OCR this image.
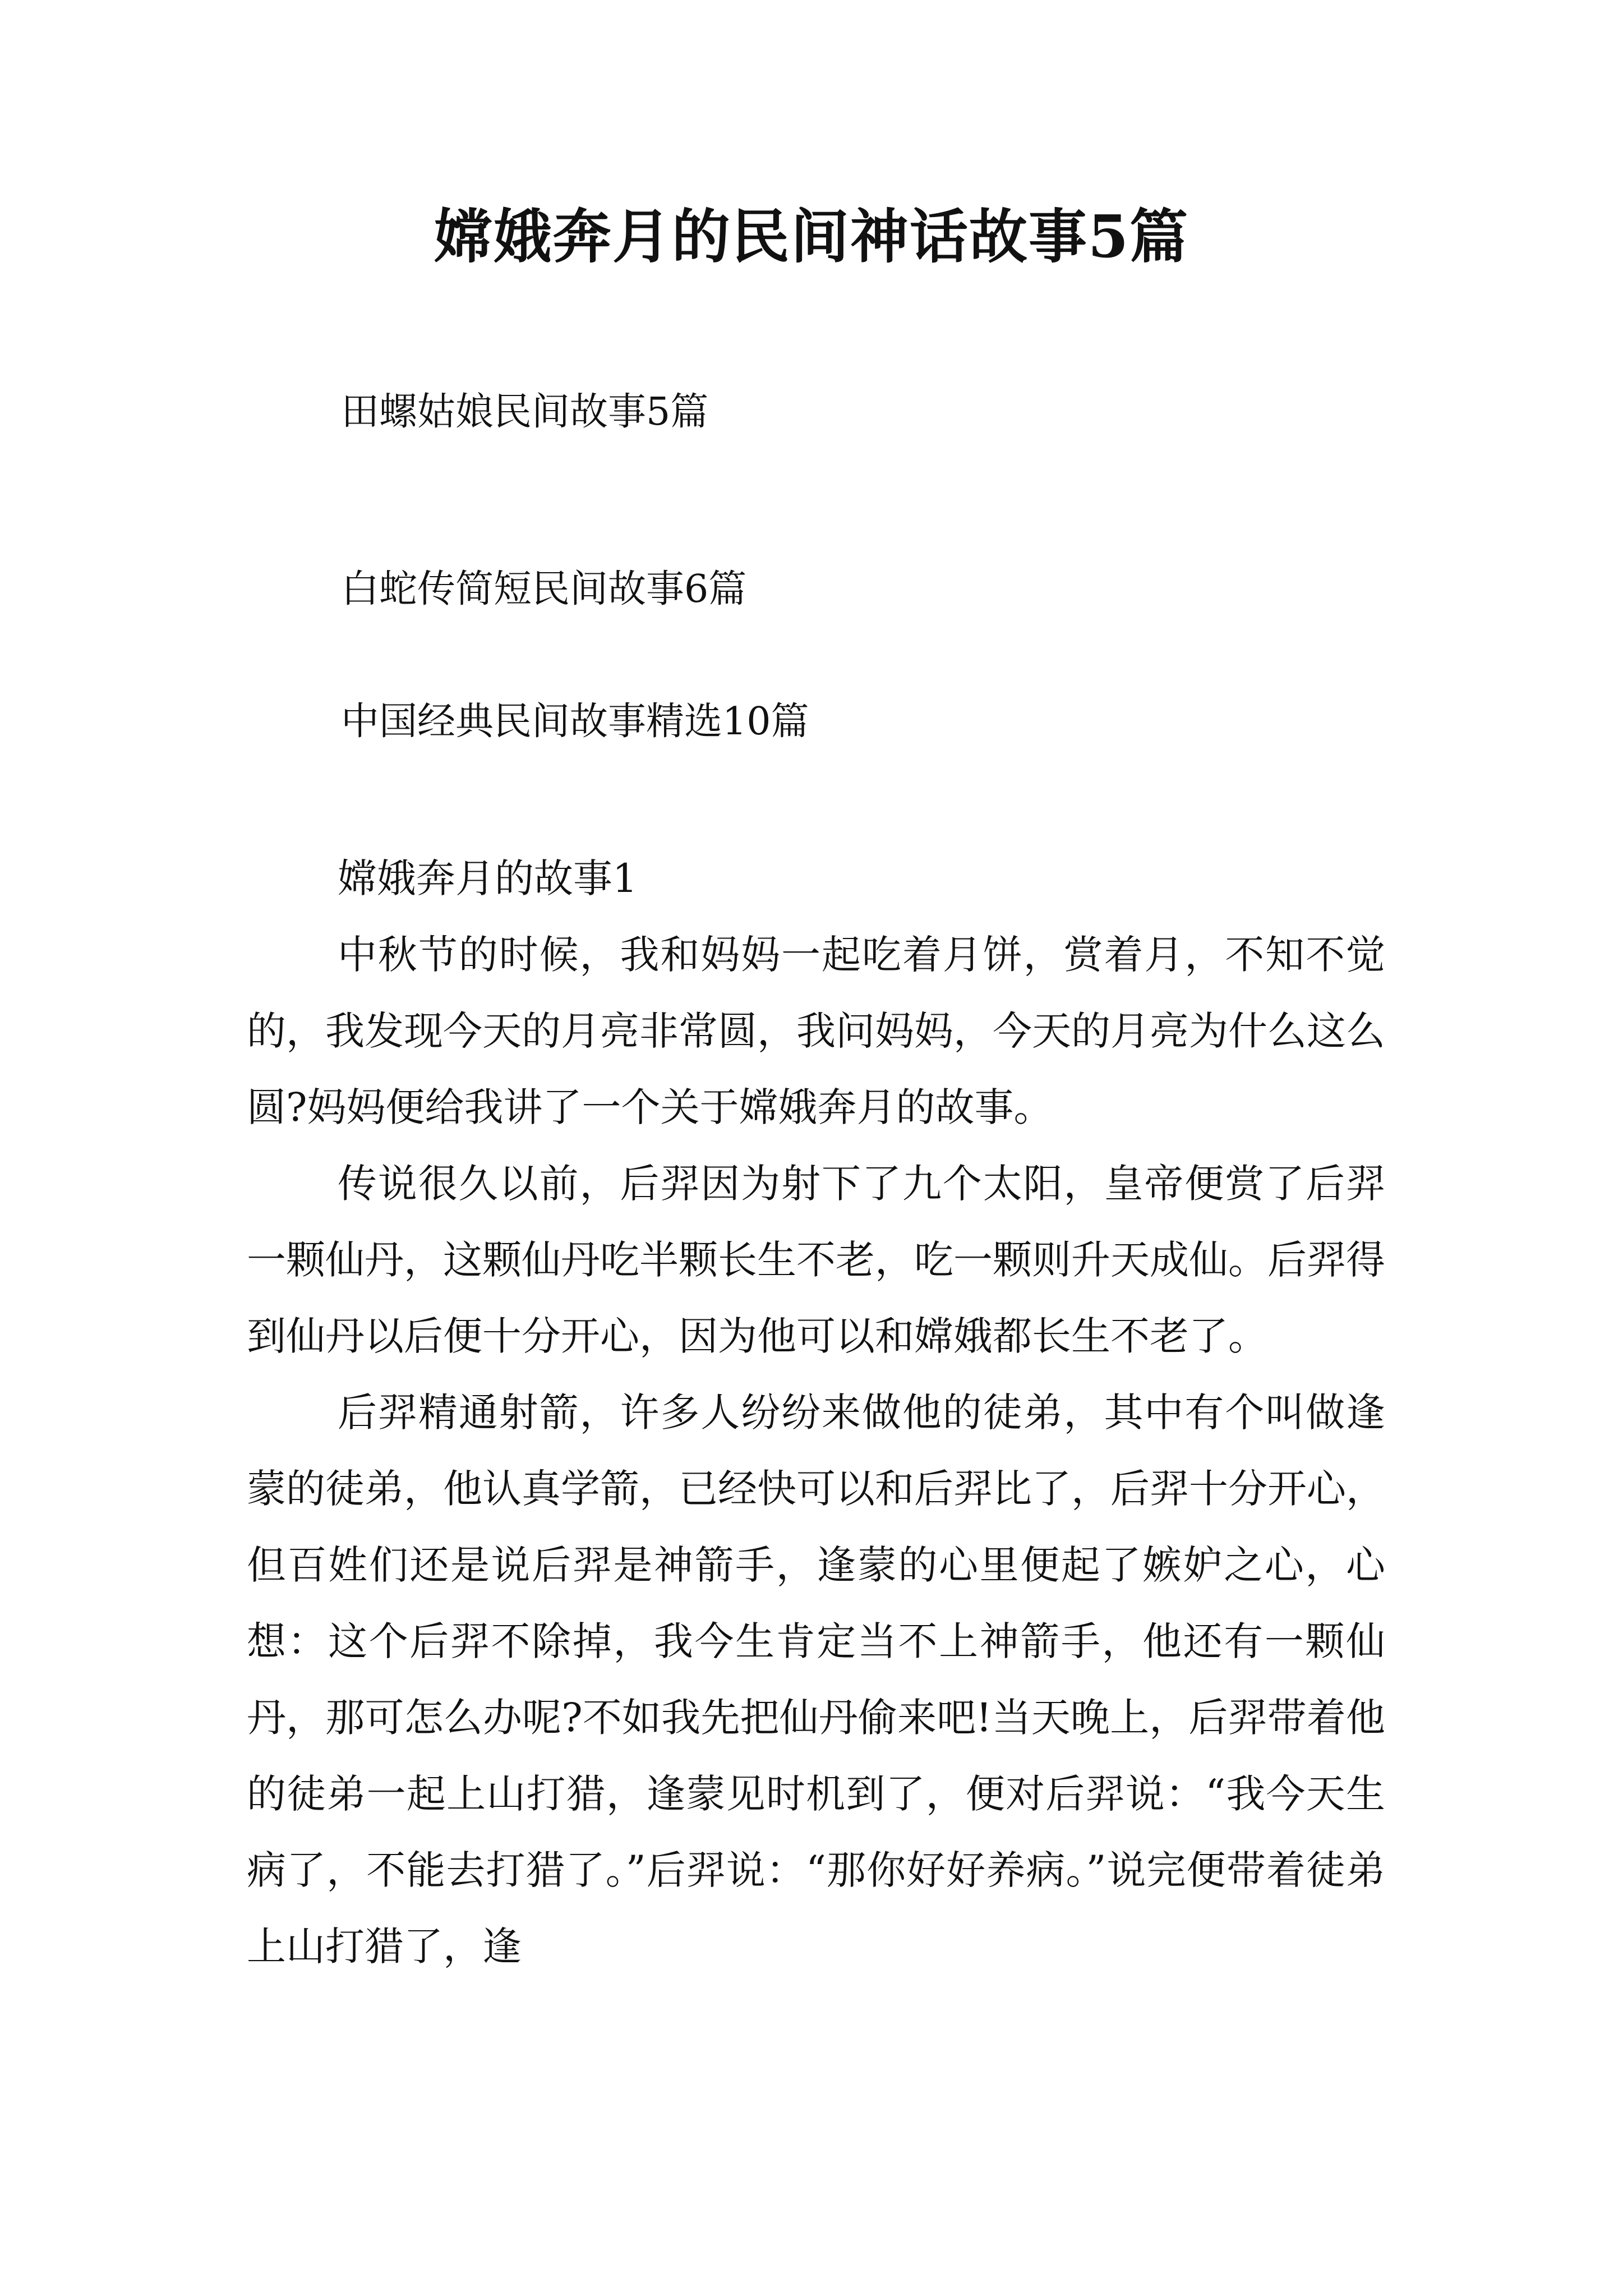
嫦娥奔月的民间神话故事5篇
田螺姑娘民间故事5篇
白蛇传简短民间故事6篇
中国经典民间故事精选10篇
嫦娥奔月的故事1

中秋节的时候，我和妈妈一起吃着月饼，赏着月，不知不觉的，我发现今天的月亮非常圆，我问妈妈，今天的月亮为什么这么圆?妈妈便给我讲了一个关于嫦娥奔月的故事。

传说很久以前，后羿因为射下了九个太阳，皇帝便赏了后羿一颗仙丹，这颗仙丹吃半颗长生不老，吃一颗则升天成仙。后羿得到仙丹以后便十分开心，因为他可以和嫦娥都长生不老了。

后羿精通射箭，许多人纷纷来做他的徒弟，其中有个叫做逢蒙的徒弟，他认真学箭，已经快可以和后羿比了，后羿十分开心，但百姓们还是说后羿是神箭手，逢蒙的心里便起了嫉妒之心，心想：这个后羿不除掉，我今生肯定当不上神箭手，他还有一颗仙丹，那可怎么办呢?不如我先把仙丹偷来吧!当天晚上，后羿带着他的徒弟一起上山打猎，逢蒙见时机到了，便对后羿说：“我今天生病了，不能去打猎了。”后羿说：“那你好好养病。”说完便带着徒弟上山打猎了，逢
